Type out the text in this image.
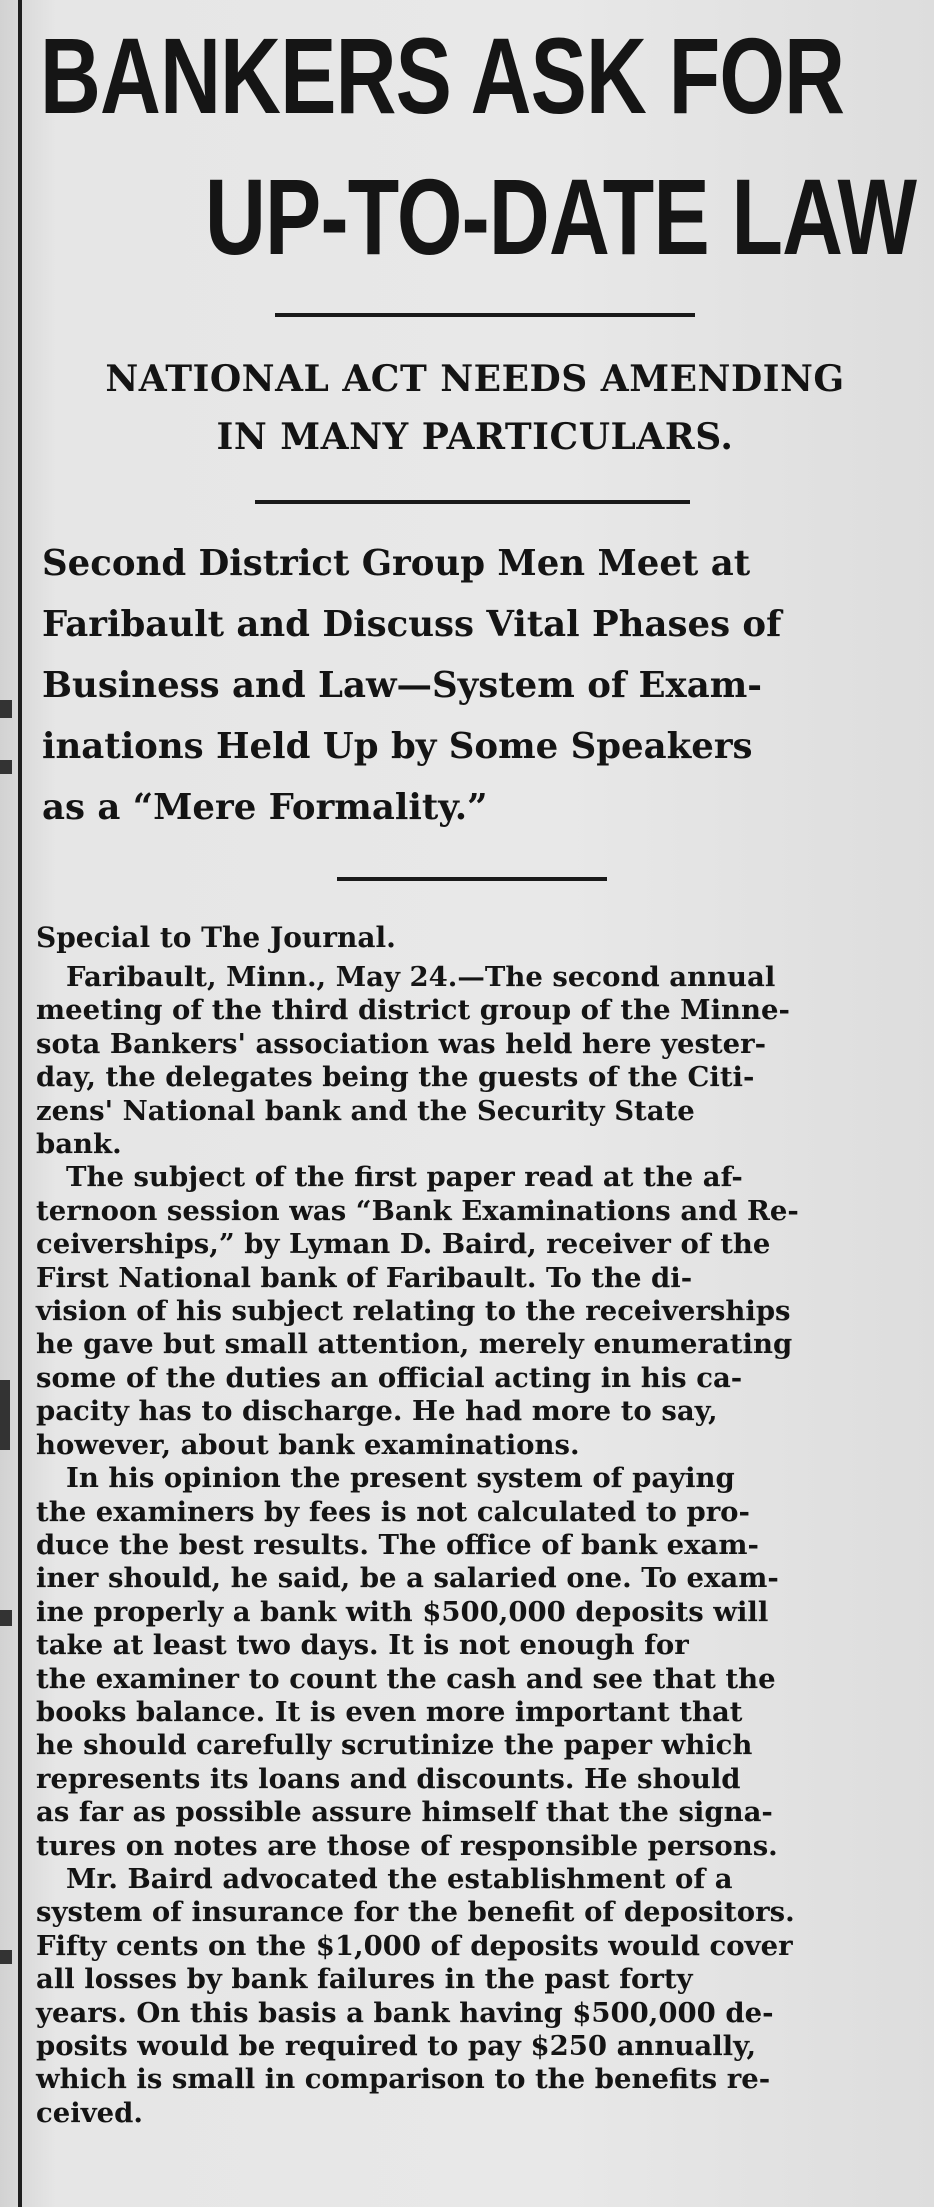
BANKERS ASK FOR
UP-TO-DATE LAW
NATIONAL ACT NEEDS AMENDING
IN MANY PARTICULARS.
Second District Group Men Meet at
Faribault and Discuss Vital Phases of
Business and Law—System of Exam-
inations Held Up by Some Speakers
as a “Mere Formality.”

Special to The Journal.

Faribault, Minn., May 24.—The second annual
meeting of the third district group of the Minne-
sota Bankers' association was held here yester-
day, the delegates being the guests of the Citi-
zens' National bank and the Security State
bank.

The subject of the first paper read at the af-
ternoon session was “Bank Examinations and Re-
ceiverships,” by Lyman D. Baird, receiver of the
First National bank of Faribault. To the di-
vision of his subject relating to the receiverships
he gave but small attention, merely enumerating
some of the duties an official acting in his ca-
pacity has to discharge. He had more to say,
however, about bank examinations.

In his opinion the present system of paying
the examiners by fees is not calculated to pro-
duce the best results. The office of bank exam-
iner should, he said, be a salaried one. To exam-
ine properly a bank with $500,000 deposits will
take at least two days. It is not enough for
the examiner to count the cash and see that the
books balance. It is even more important that
he should carefully scrutinize the paper which
represents its loans and discounts. He should
as far as possible assure himself that the signa-
tures on notes are those of responsible persons.

Mr. Baird advocated the establishment of a
system of insurance for the benefit of depositors.
Fifty cents on the $1,000 of deposits would cover
all losses by bank failures in the past forty
years. On this basis a bank having $500,000 de-
posits would be required to pay $250 annually,
which is small in comparison to the benefits re-
ceived.
